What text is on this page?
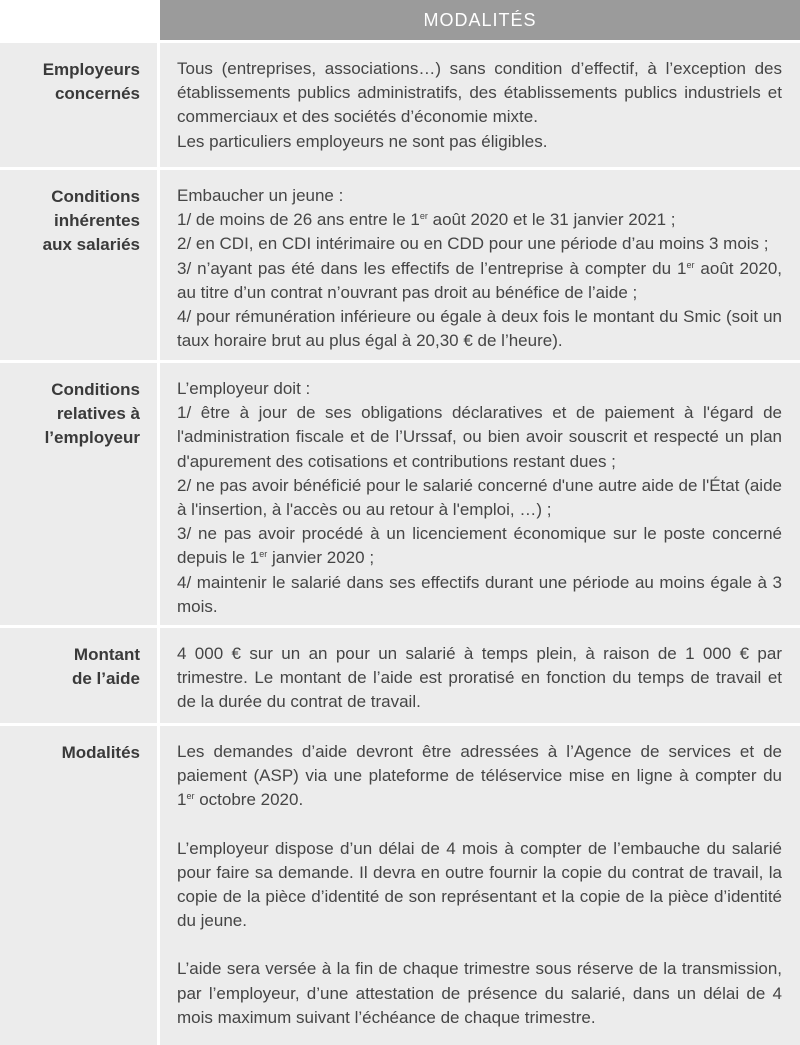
MODALITÉS
Employeurs
concernés

Tous (entreprises, associations…) sans condition d’effectif, à l’exception des établissements publics administratifs, des établissements publics industriels et commerciaux et des sociétés d’économie mixte.

Les particuliers employeurs ne sont pas éligibles.

Conditions
inhérentes
aux salariés

Embaucher un jeune :

1/ de moins de 26 ans entre le 1er août 2020 et le 31 janvier 2021 ;

2/ en CDI, en CDI intérimaire ou en CDD pour une période d’au moins 3 mois ;

3/ n’ayant pas été dans les effectifs de l’entreprise à compter du 1er août 2020, au titre d’un contrat n’ouvrant pas droit au bénéfice de l’aide ;

4/ pour rémunération inférieure ou égale à deux fois le montant du Smic (soit un taux horaire brut au plus égal à 20,30 € de l’heure).

Conditions
relatives à
l’employeur

L’employeur doit :

1/ être à jour de ses obligations déclaratives et de paiement à l'égard de l'administration fiscale et de l’Urssaf, ou bien avoir souscrit et respecté un plan d'apurement des cotisations et contributions restant dues ;

2/ ne pas avoir bénéficié pour le salarié concerné d'une autre aide de l'État (aide à l'insertion, à l'accès ou au retour à l'emploi, …) ;

3/ ne pas avoir procédé à un licenciement économique sur le poste concerné depuis le 1er janvier 2020 ;

4/ maintenir le salarié dans ses effectifs durant une période au moins égale à 3 mois.

Montant
de l’aide

4 000 € sur un an pour un salarié à temps plein, à raison de 1 000 € par trimestre. Le montant de l’aide est proratisé en fonction du temps de travail et de la durée du contrat de travail.

Modalités Les demandes d’aide devront être adressées à l’Agence de services et de paiement (ASP) via une plateforme de téléservice mise en ligne à compter du 1er octobre 2020.

L’employeur dispose d’un délai de 4 mois à compter de l’embauche du salarié pour faire sa demande. Il devra en outre fournir la copie du contrat de travail, la copie de la pièce d’identité de son représentant et la copie de la pièce d’identité du jeune.

L’aide sera versée à la fin de chaque trimestre sous réserve de la transmission, par l’employeur, d’une attestation de présence du salarié, dans un délai de 4 mois maximum suivant l’échéance de chaque trimestre.
